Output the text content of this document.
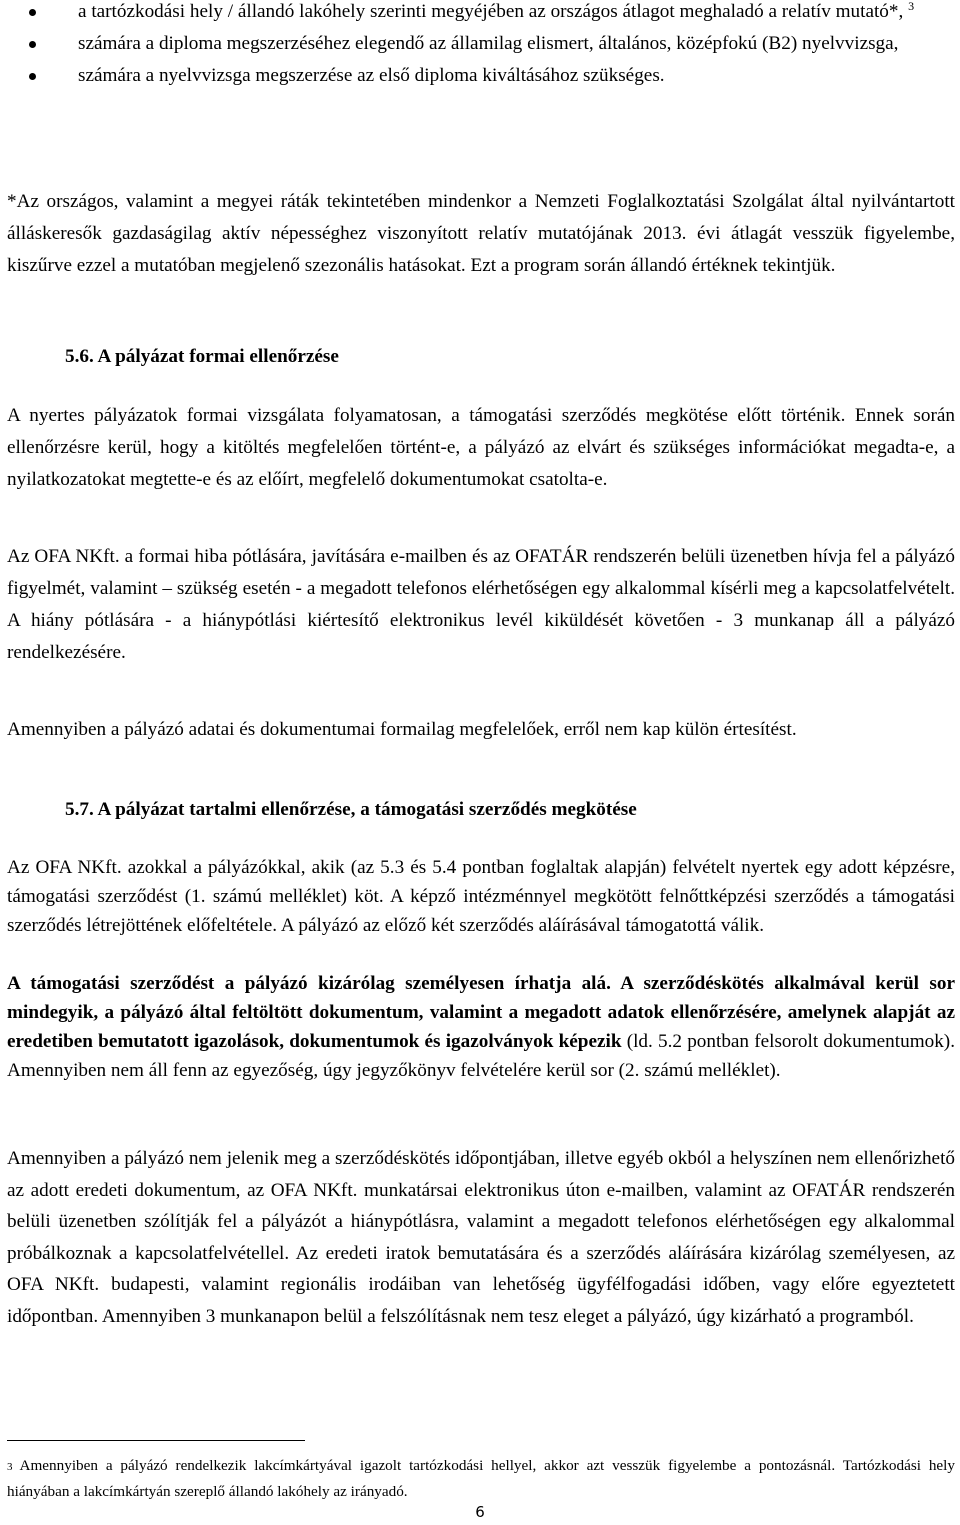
a tartózkodási hely / állandó lakóhely szerinti megyéjében az országos átlagot meghaladó a relatív mutató*, $^3$
számára a diploma megszerzéséhez elegendő az államilag elismert, általános, középfokú (B2) nyelvvizsga,
számára a nyelvvizsga megszerzése az első diploma kiváltásához szükséges.

*Az országos, valamint a megyei ráták tekintetében mindenkor a Nemzeti Foglalkoztatási Szolgálat által nyilvántartott álláskeresők gazdaságilag aktív népességhez viszonyított relatív mutatójának 2013. évi átlagát vesszük figyelembe, kiszűrve ezzel a mutatóban megjelenő szezonális hatásokat. Ezt a program során állandó értéknek tekintjük.

5.6. A pályázat formai ellenőrzése

A nyertes pályázatok formai vizsgálata folyamatosan, a támogatási szerződés megkötése előtt történik. Ennek során ellenőrzésre kerül, hogy a kitöltés megfelelően történt-e, a pályázó az elvárt és szükséges információkat megadta-e, a nyilatkozatokat megtette-e és az előírt, megfelelő dokumentumokat csatolta-e.

Az OFA NKft. a formai hiba pótlására, javítására e-mailben és az OFATÁR rendszerén belüli üzenetben hívja fel a pályázó figyelmét, valamint – szükség esetén - a megadott telefonos elérhetőségen egy alkalommal kísérli meg a kapcsolatfelvételt. A hiány pótlására - a hiánypótlási kiértesítő elektronikus levél kiküldését követően - 3 munkanap áll a pályázó rendelkezésére.

Amennyiben a pályázó adatai és dokumentumai formailag megfelelőek, erről nem kap külön értesítést.

5.7. A pályázat tartalmi ellenőrzése, a támogatási szerződés megkötése

Az OFA NKft. azokkal a pályázókkal, akik (az 5.3 és 5.4 pontban foglaltak alapján) felvételt nyertek egy adott képzésre, támogatási szerződést (1. számú melléklet) köt. A képző intézménnyel megkötött felnőttképzési szerződés a támogatási szerződés létrejöttének előfeltétele. A pályázó az előző két szerződés aláírásával támogatottá válik.

A támogatási szerződést a pályázó kizárólag személyesen írhatja alá. A szerződéskötés alkalmával kerül sor mindegyik, a pályázó által feltöltött dokumentum, valamint a megadott adatok ellenőrzésére, amelynek alapját az eredetiben bemutatott igazolások, dokumentumok és igazolványok képezik (ld. 5.2 pontban felsorolt dokumentumok). Amennyiben nem áll fenn az egyezőség, úgy jegyzőkönyv felvételére kerül sor (2. számú melléklet).

Amennyiben a pályázó nem jelenik meg a szerződéskötés időpontjában, illetve egyéb okból a helyszínen nem ellenőrizhető az adott eredeti dokumentum, az OFA NKft. munkatársai elektronikus úton e-mailben, valamint az OFATÁR rendszerén belüli üzenetben szólítják fel a pályázót a hiánypótlásra, valamint a megadott telefonos elérhetőségen egy alkalommal próbálkoznak a kapcsolatfelvétellel. Az eredeti iratok bemutatására és a szerződés aláírására kizárólag személyesen, az OFA NKft. budapesti, valamint regionális irodáiban van lehetőség ügyfélfogadási időben, vagy előre egyeztetett időpontban. Amennyiben 3 munkanapon belül a felszólításnak nem tesz eleget a pályázó, úgy kizárható a programból.

3 Amennyiben a pályázó rendelkezik lakcímkártyával igazolt tartózkodási hellyel, akkor azt vesszük figyelembe a pontozásnál. Tartózkodási hely hiányában a lakcímkártyán szereplő állandó lakóhely az irányadó.

6
